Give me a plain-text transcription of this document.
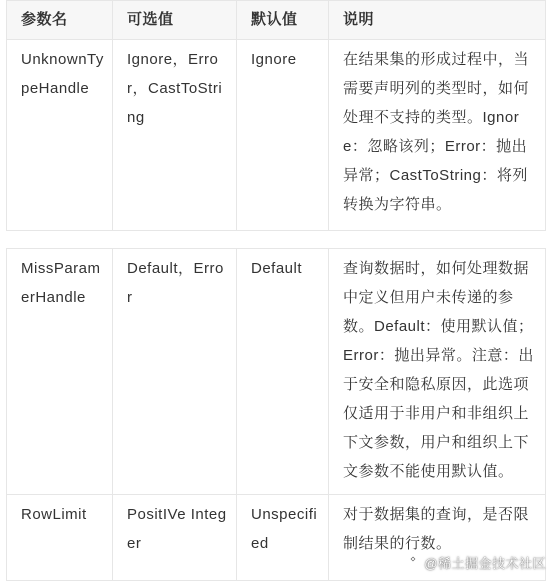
参数名	可选值	默认值	说明

UnknownTypeHandle	Ignore，Error，CastToString	Ignore	在结果集的形成过程中，当需要声明列的类型时，如何处理不支持的类型。Ignore：忽略该列；Error：抛出异常；CastToString：将列转换为字符串。
MissParamerHandle	Default，Error	Default	查询数据时，如何处理数据中定义但用户未传递的参数。Default：使用默认值；Error：抛出异常。注意：出于安全和隐私原因，此选项仅适用于非用户和非组织上下文参数，用户和组织上下文参数不能使用默认值。

RowLimit	PositIVe Integer	Unspecified	对于数据集的查询，是否限制结果的行数。
@稀土掘金技术社区
